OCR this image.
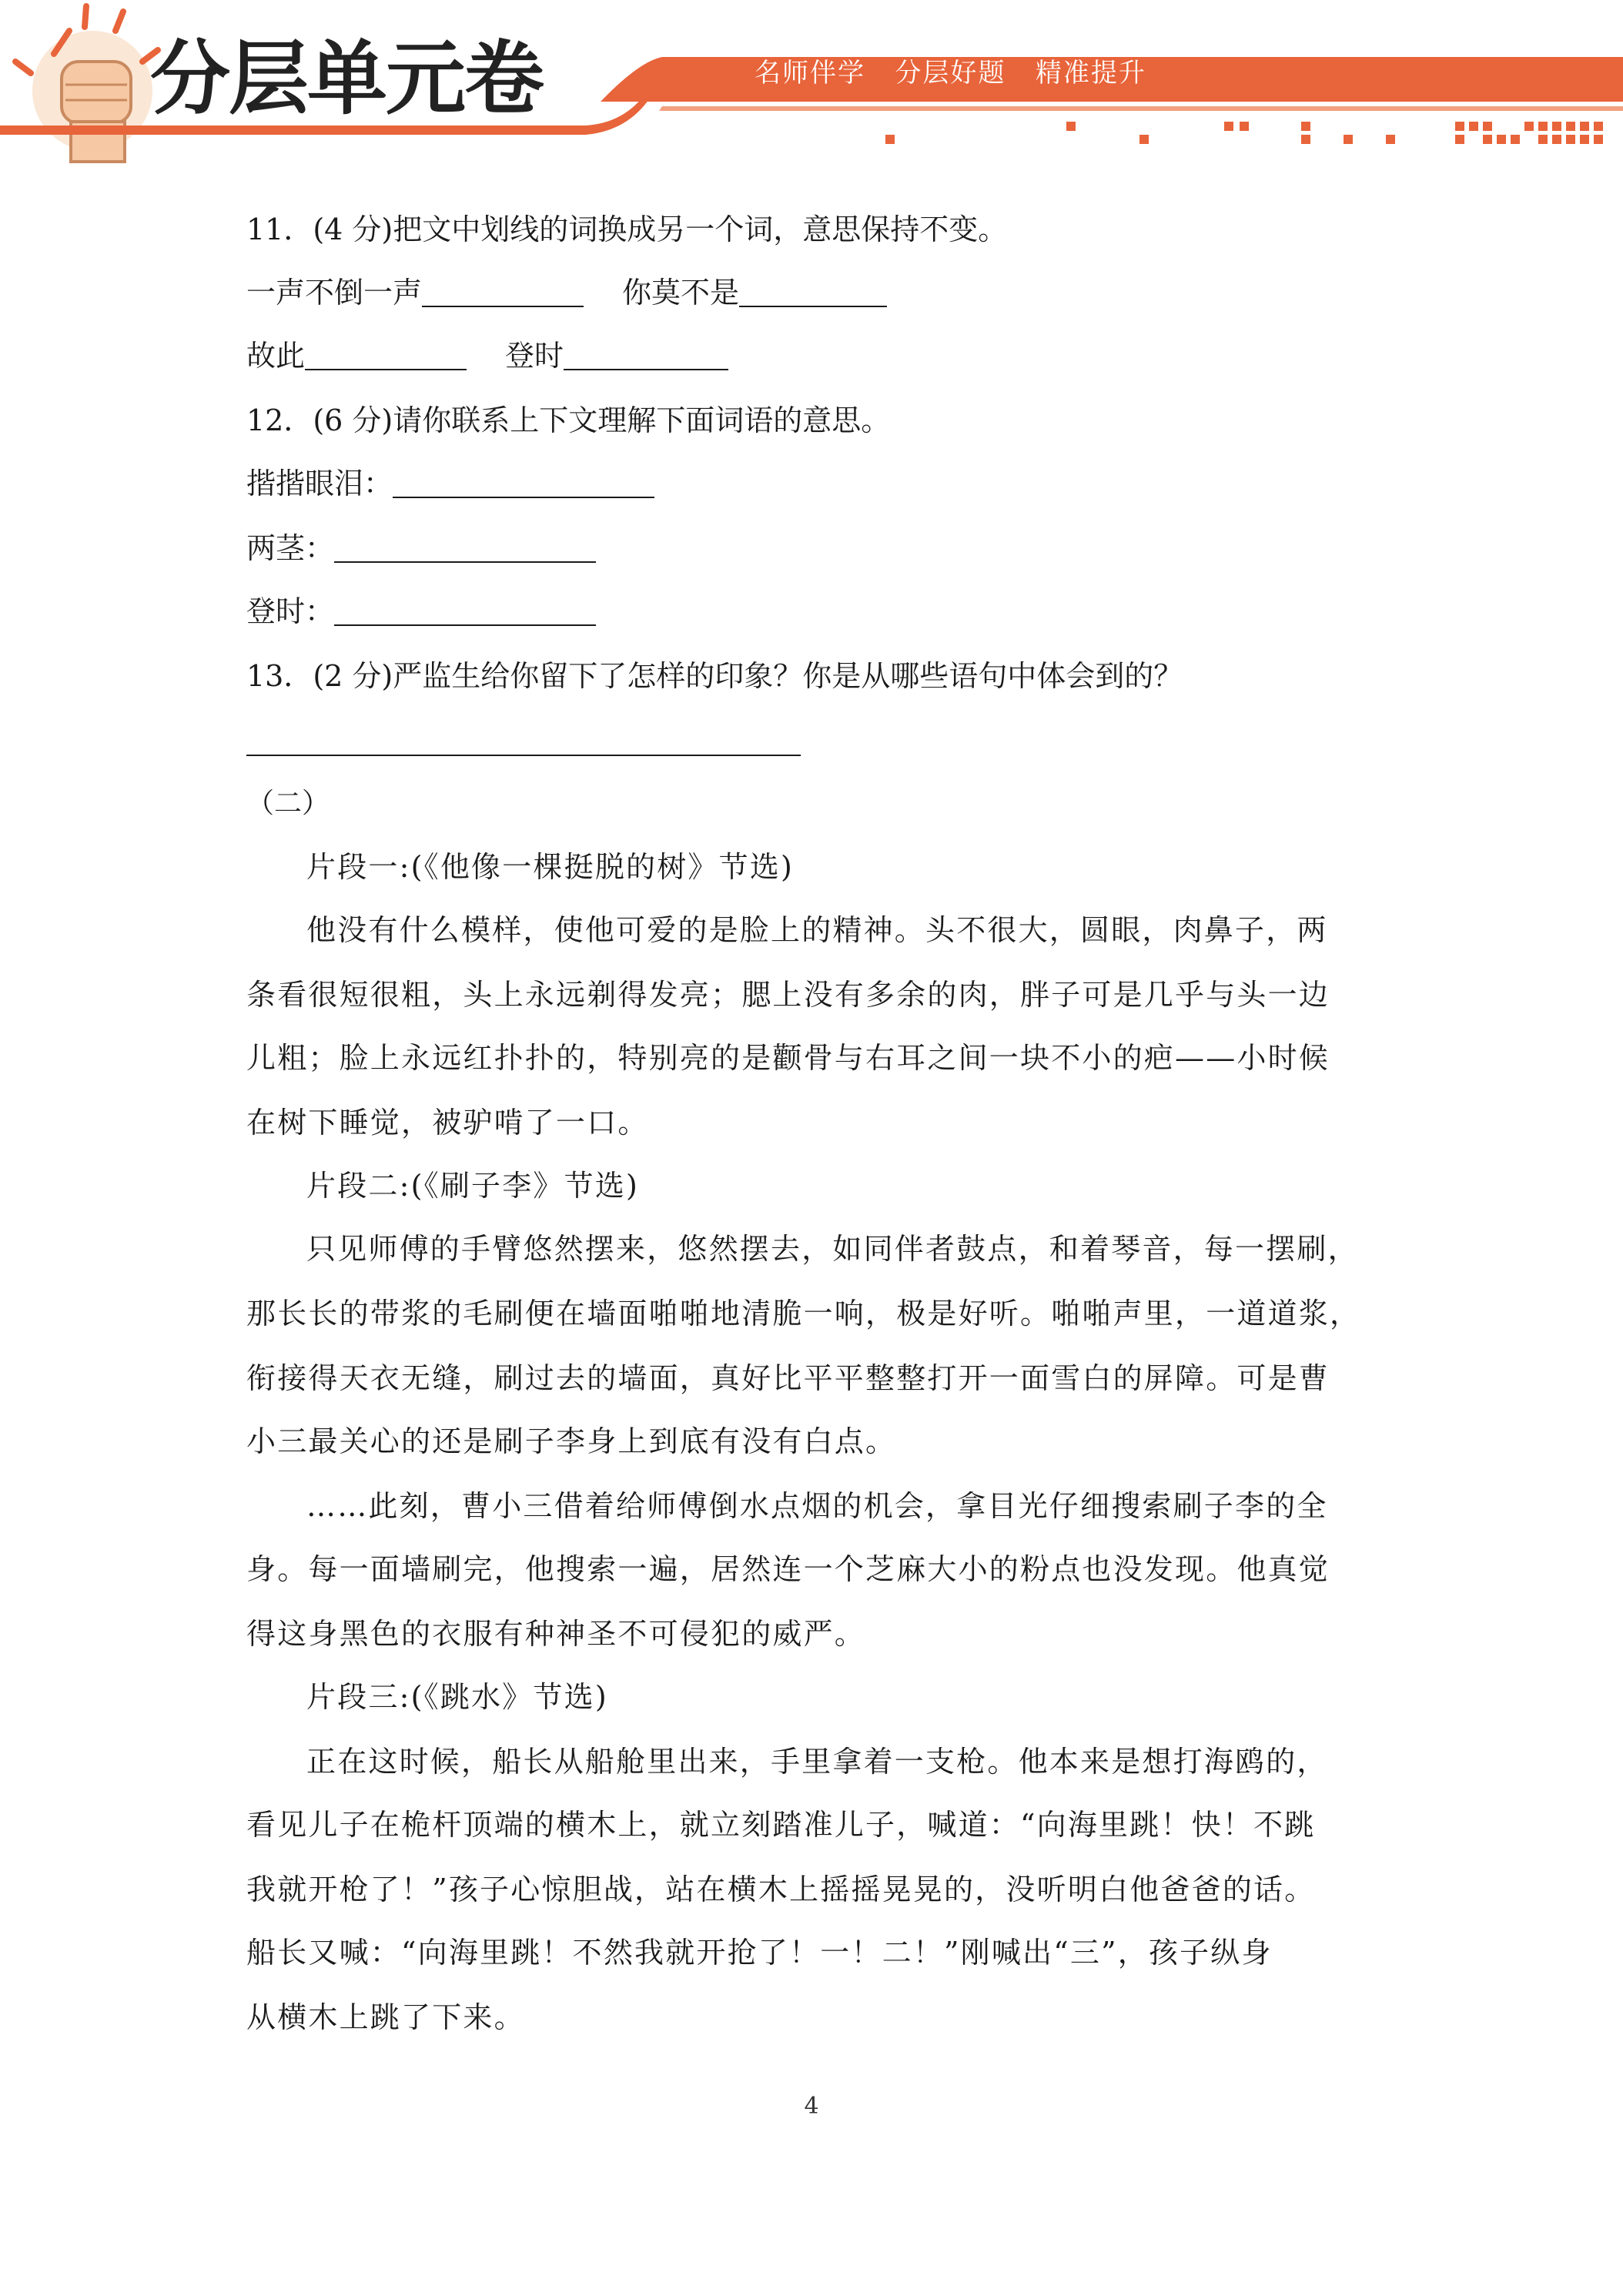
分层单元卷	名师伴学   分层好题   精准提升
11．(4 分)把文中划线的词换成另一个词，意思保持不变。
一声不倒一声	你莫不是
故此	登时
12．(6 分)请你联系上下文理解下面词语的意思。
揩揩眼泪：
两茎：
登时：
13．(2 分)严监生给你留下了怎样的印象？你是从哪些语句中体会到的？
（二）
片段一:(《他像一棵挺脱的树》节选)
他没有什么模样，使他可爱的是脸上的精神。头不很大，圆眼，肉鼻子，两
条看很短很粗，头上永远剃得发亮；腮上没有多余的肉，胖子可是几乎与头一边
儿粗；脸上永远红扑扑的，特别亮的是颧骨与右耳之间一块不小的疤——小时候
在树下睡觉，被驴啃了一口。
片段二:(《刷子李》节选)
只见师傅的手臂悠然摆来，悠然摆去，如同伴者鼓点，和着琴音，每一摆刷，
那长长的带浆的毛刷便在墙面啪啪地清脆一响，极是好听。啪啪声里，一道道浆，
衔接得天衣无缝，刷过去的墙面，真好比平平整整打开一面雪白的屏障。可是曹
小三最关心的还是刷子李身上到底有没有白点。
……此刻，曹小三借着给师傅倒水点烟的机会，拿目光仔细搜索刷子李的全
身。每一面墙刷完，他搜索一遍，居然连一个芝麻大小的粉点也没发现。他真觉
得这身黑色的衣服有种神圣不可侵犯的威严。
片段三:(《跳水》节选)
正在这时候，船长从船舱里出来，手里拿着一支枪。他本来是想打海鸥的，
看见儿子在桅杆顶端的横木上，就立刻踏准儿子，喊道：“向海里跳！快！不跳
我就开枪了！”孩子心惊胆战，站在横木上摇摇晃晃的，没听明白他爸爸的话。
船长又喊：“向海里跳！不然我就开抢了！一！二！”刚喊出“三”，孩子纵身
从横木上跳了下来。
4
